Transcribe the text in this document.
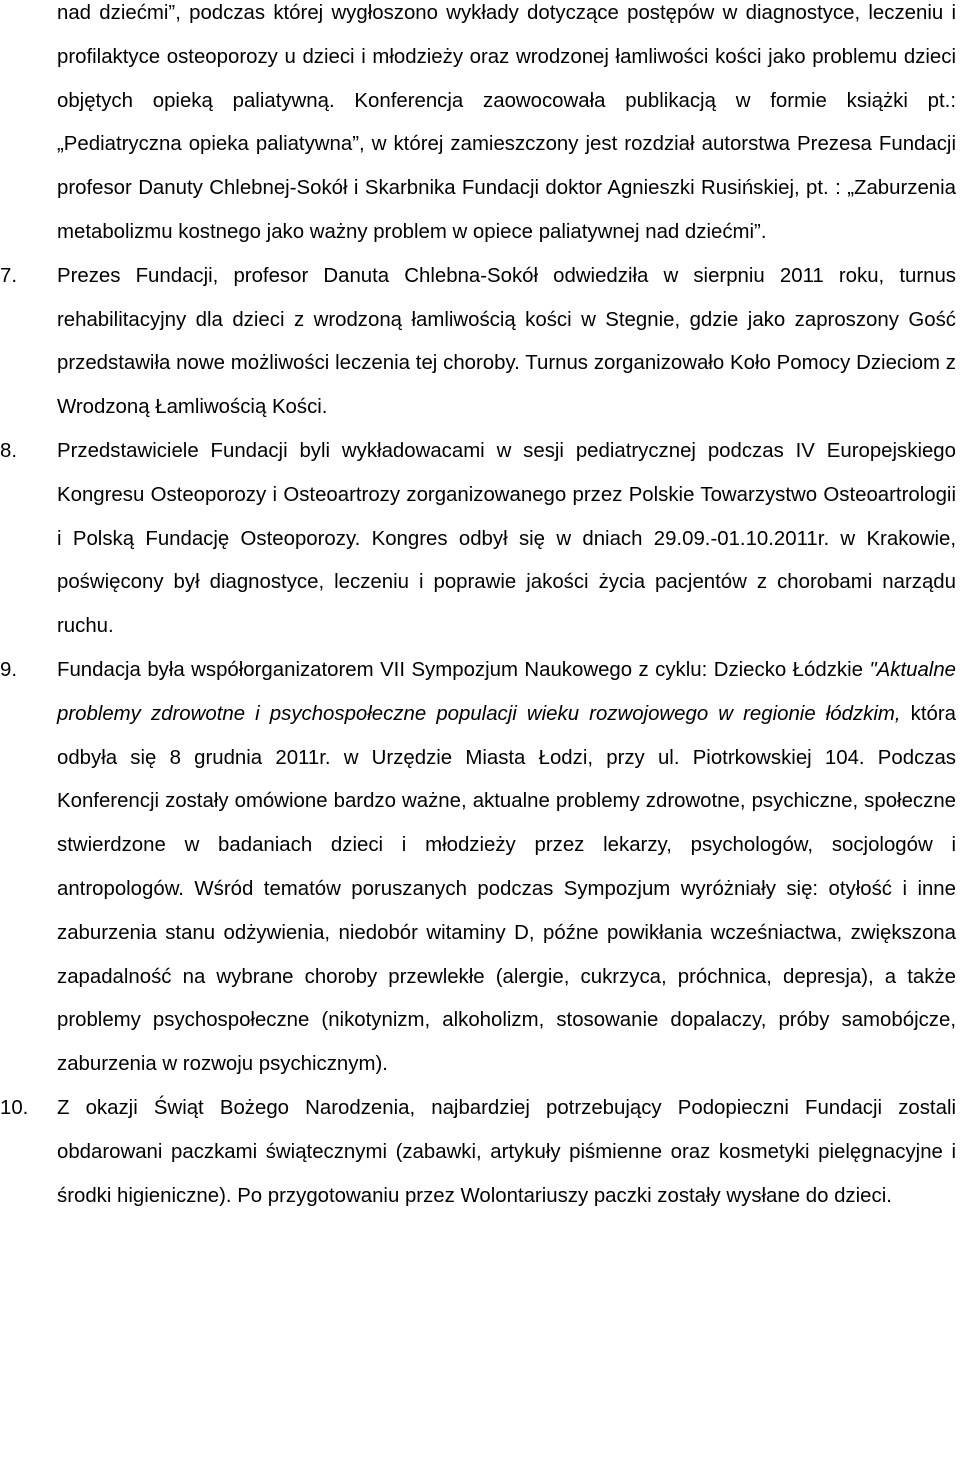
nad dziećmi”, podczas której wygłoszono wykłady dotyczące postępów w diagnostyce, leczeniu i profilaktyce osteoporozy u dzieci i młodzieży oraz wrodzonej łamliwości kości jako problemu dzieci objętych opieką paliatywną. Konferencja zaowocowała publikacją w formie książki pt.: „Pediatryczna opieka paliatywna”, w której zamieszczony jest rozdział autorstwa Prezesa Fundacji profesor Danuty Chlebnej-Sokół i Skarbnika Fundacji doktor Agnieszki Rusińskiej, pt. : „Zaburzenia metabolizmu kostnego jako ważny problem w opiece paliatywnej nad dziećmi”.
7. Prezes Fundacji, profesor Danuta Chlebna-Sokół odwiedziła w sierpniu 2011 roku, turnus rehabilitacyjny dla dzieci z wrodzoną łamliwością kości w Stegnie, gdzie jako zaproszony Gość przedstawiła nowe możliwości leczenia tej choroby. Turnus zorganizowało Koło Pomocy Dzieciom z Wrodzoną Łamliwością Kości.
8. Przedstawiciele Fundacji byli wykładowacami w sesji pediatrycznej podczas IV Europejskiego Kongresu Osteoporozy i Osteoartrozy zorganizowanego przez Polskie Towarzystwo Osteoartrologii i Polską Fundację Osteoporozy. Kongres odbył się w dniach 29.09.-01.10.2011r. w Krakowie, poświęcony był diagnostyce, leczeniu i poprawie jakości życia pacjentów z chorobami narządu ruchu.
9. Fundacja była współorganizatorem VII Sympozjum Naukowego z cyklu: Dziecko Łódzkie "Aktualne problemy zdrowotne i psychospołeczne populacji wieku rozwojowego w regionie łódzkim, która odbyła się 8 grudnia 2011r. w Urzędzie Miasta Łodzi, przy ul. Piotrkowskiej 104. Podczas Konferencji zostały omówione bardzo ważne, aktualne problemy zdrowotne, psychiczne, społeczne stwierdzone w badaniach dzieci i młodzieży przez lekarzy, psychologów, socjologów i antropologów. Wśród tematów poruszanych podczas Sympozjum wyróżniały się: otyłość i inne zaburzenia stanu odżywienia, niedobór witaminy D, późne powikłania wcześniactwa, zwiększona zapadalność na wybrane choroby przewlekłe (alergie, cukrzyca, próchnica, depresja), a także problemy psychospołeczne (nikotynizm, alkoholizm, stosowanie dopalaczy, próby samobójcze, zaburzenia w rozwoju psychicznym).
10. Z okazji Świąt Bożego Narodzenia, najbardziej potrzebujący Podopieczni Fundacji zostali obdarowani paczkami świątecznymi (zabawki, artykuły piśmienne oraz kosmetyki pielęgnacyjne i środki higieniczne). Po przygotowaniu przez Wolontariuszy paczki zostały wysłane do dzieci.
